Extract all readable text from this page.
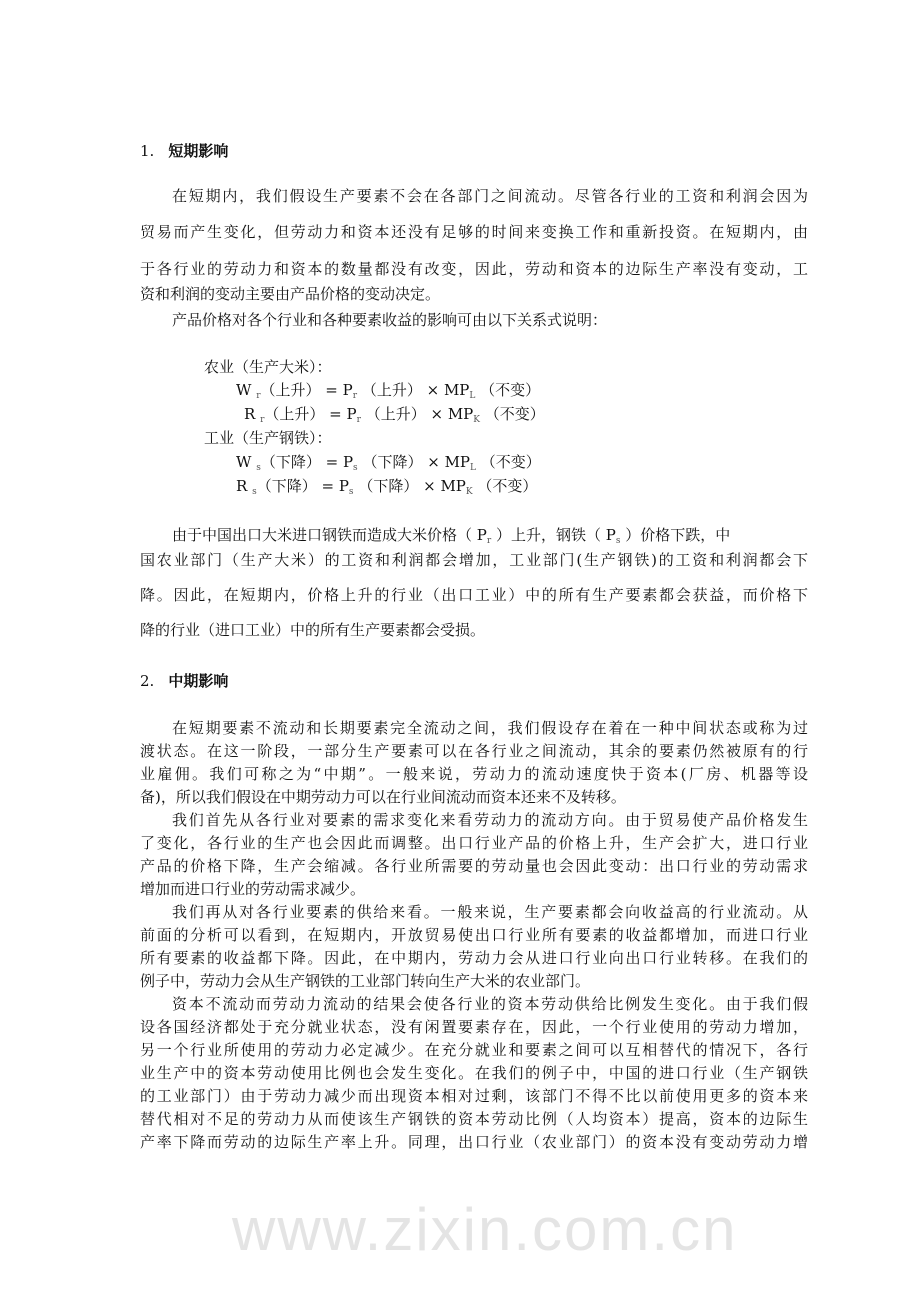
www.zixin.com.cn
1. 短期影响
产品价格对各个行业和各种要素收益的影响可由以下关系式说明：
农业（生产大米）：
W $_r$（上升） = $P_r$ （上升） × $MP_L$ （不变）
R $_r$（上升） = $P_r$ （上升） × $MP_K$ （不变）
工业（生产钢铁）：
W $_s$（下降） = $P_s$ （下降） × $MP_L$ （不变）
R $_s$（下降） = $P_s$ （下降） × $MP_K$ （不变）
由于中国出口大米进口钢铁而造成大米价格（ $P_r$ ）上升，钢铁（ $P_s$ ）价格下跌，中
2. 中期影响
在短期内，我们假设生产要素不会在各部门之间流动。尽管各行业的工资和利润会因为
贸易而产生变化，但劳动力和资本还没有足够的时间来变换工作和重新投资。在短期内，由
于各行业的劳动力和资本的数量都没有改变，因此，劳动和资本的边际生产率没有变动，工
资和利润的变动主要由产品价格的变动决定。
国农业部门（生产大米）的工资和利润都会增加，工业部门(生产钢铁)的工资和利润都会下
降。因此，在短期内，价格上升的行业（出口工业）中的所有生产要素都会获益，而价格下
降的行业（进口工业）中的所有生产要素都会受损。
在短期要素不流动和长期要素完全流动之间，我们假设存在着在一种中间状态或称为过
渡状态。在这一阶段，一部分生产要素可以在各行业之间流动，其余的要素仍然被原有的行
业雇佣。我们可称之为“中期”。一般来说，劳动力的流动速度快于资本(厂房、机器等设
备)，所以我们假设在中期劳动力可以在行业间流动而资本还来不及转移。
我们首先从各行业对要素的需求变化来看劳动力的流动方向。由于贸易使产品价格发生
了变化，各行业的生产也会因此而调整。出口行业产品的价格上升，生产会扩大，进口行业
产品的价格下降，生产会缩减。各行业所需要的劳动量也会因此变动：出口行业的劳动需求
增加而进口行业的劳动需求减少。
我们再从对各行业要素的供给来看。一般来说，生产要素都会向收益高的行业流动。从
前面的分析可以看到，在短期内，开放贸易使出口行业所有要素的收益都增加，而进口行业
所有要素的收益都下降。因此，在中期内，劳动力会从进口行业向出口行业转移。在我们的
例子中，劳动力会从生产钢铁的工业部门转向生产大米的农业部门。
资本不流动而劳动力流动的结果会使各行业的资本劳动供给比例发生变化。由于我们假
设各国经济都处于充分就业状态，没有闲置要素存在，因此，一个行业使用的劳动力增加，
另一个行业所使用的劳动力必定减少。在充分就业和要素之间可以互相替代的情况下，各行
业生产中的资本劳动使用比例也会发生变化。在我们的例子中，中国的进口行业（生产钢铁
的工业部门）由于劳动力减少而出现资本相对过剩，该部门不得不比以前使用更多的资本来
替代相对不足的劳动力从而使该生产钢铁的资本劳动比例（人均资本）提高，资本的边际生
产率下降而劳动的边际生产率上升。同理，出口行业（农业部门）的资本没有变动劳动力增
